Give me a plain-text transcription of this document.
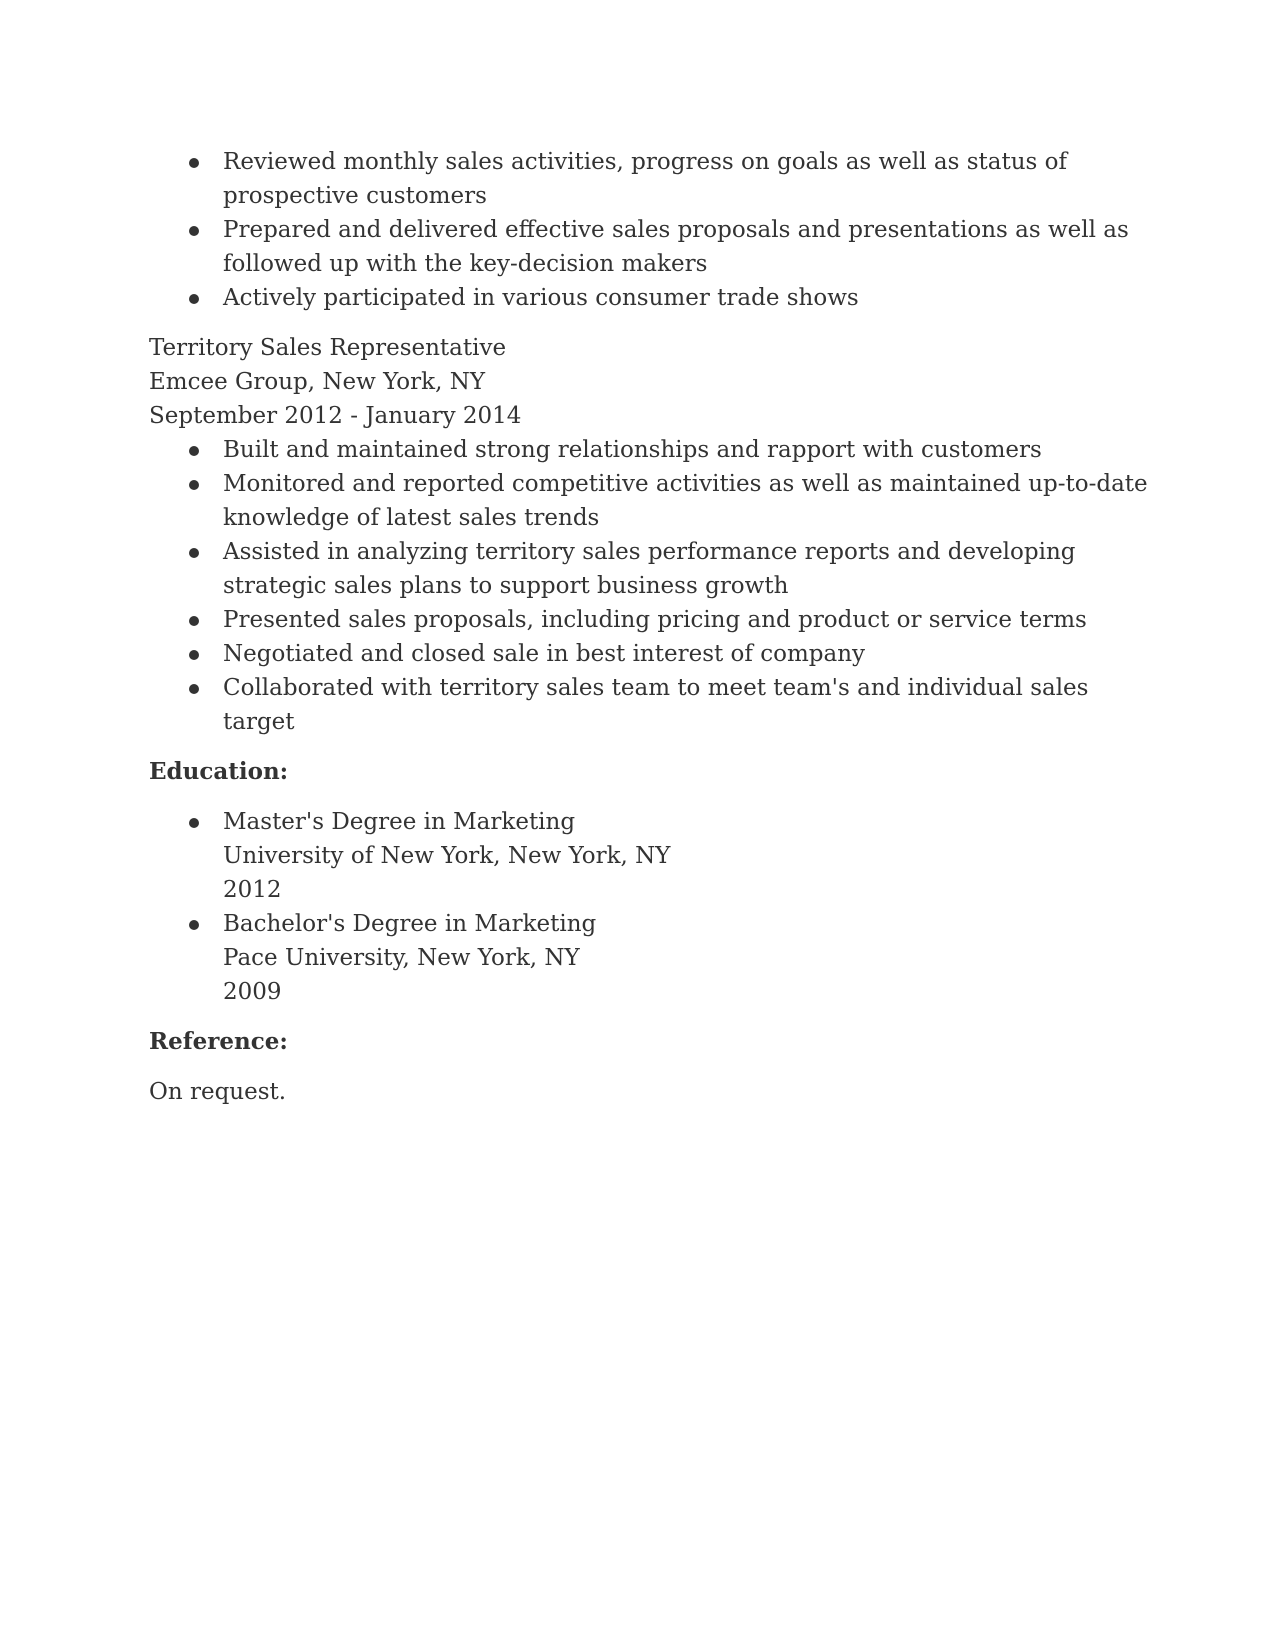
Reviewed monthly sales activities, progress on goals as well as status of prospective customers
Prepared and delivered effective sales proposals and presentations as well as followed up with the key-decision makers
Actively participated in various consumer trade shows
Territory Sales Representative
Emcee Group, New York, NY
September 2012 - January 2014
Built and maintained strong relationships and rapport with customers
Monitored and reported competitive activities as well as maintained up-to-date knowledge of latest sales trends
Assisted in analyzing territory sales performance reports and developing strategic sales plans to support business growth
Presented sales proposals, including pricing and product or service terms
Negotiated and closed sale in best interest of company
Collaborated with territory sales team to meet team's and individual sales target
Education:
Master's Degree in Marketing
University of New York, New York, NY
2012
Bachelor's Degree in Marketing
Pace University, New York, NY
2009
Reference:
On request.
